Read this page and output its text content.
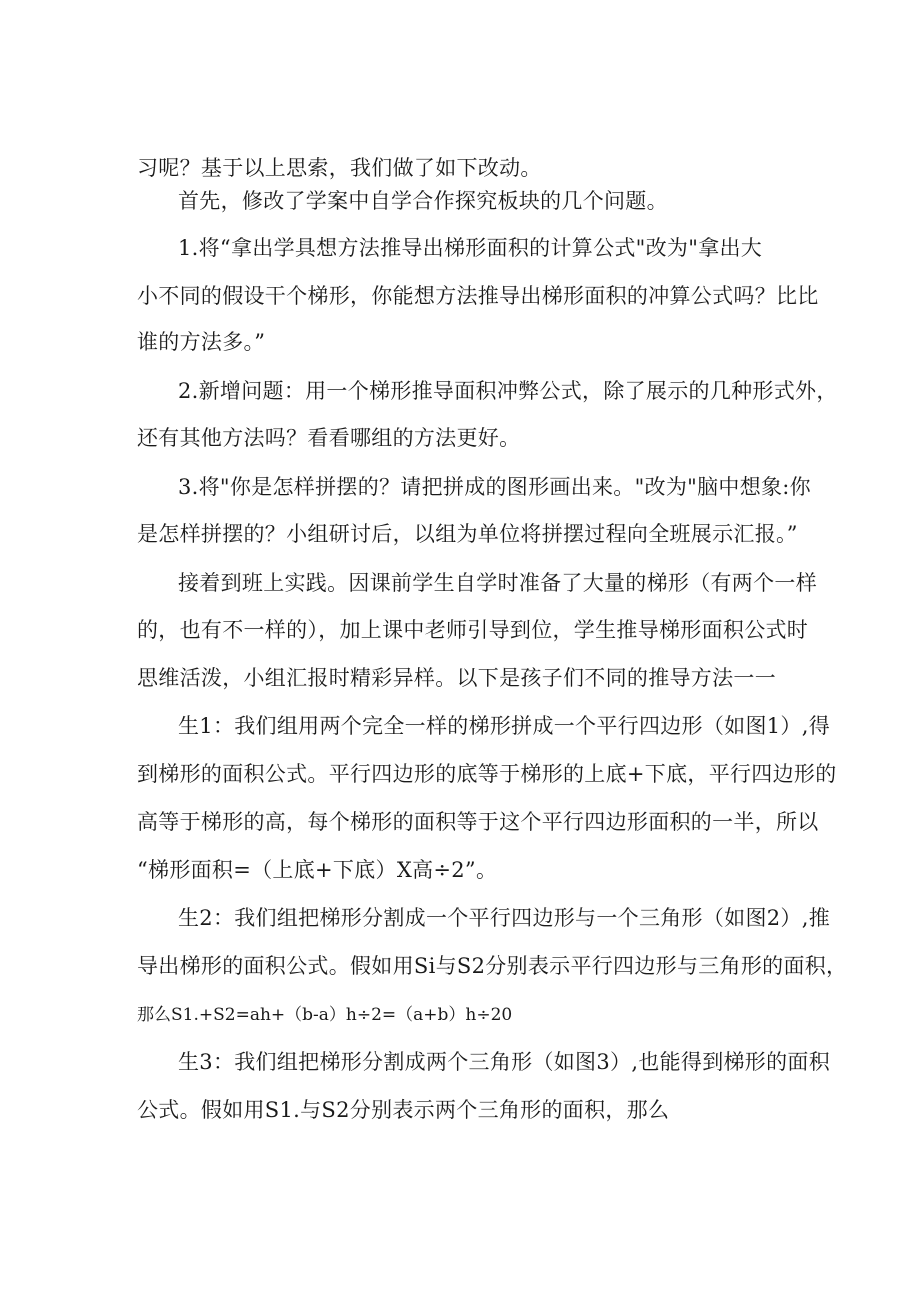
习呢？基于以上思索，我们做了如下改动。
首先，修改了学案中自学合作探究板块的几个问题。
1.将“拿出学具想方法推导出梯形面积的计算公式"改为"拿出大
小不同的假设干个梯形，你能想方法推导出梯形面积的冲算公式吗？比比
谁的方法多。”
2.新增问题：用一个梯形推导面积冲弊公式，除了展示的几种形式外，
还有其他方法吗？看看哪组的方法更好。
3.将"你是怎样拼摆的？请把拼成的图形画出来。"改为"脑中想象:你
是怎样拼摆的？小组研讨后，以组为单位将拼摆过程向全班展示汇报。”
接着到班上实践。因课前学生自学时准备了大量的梯形（有两个一样
的，也有不一样的），加上课中老师引导到位，学生推导梯形面积公式时
思维活泼，小组汇报时精彩异样。以下是孩子们不同的推导方法一一
生1：我们组用两个完全一样的梯形拼成一个平行四边形（如图1）,得
到梯形的面积公式。平行四边形的底等于梯形的上底+下底，平行四边形的
高等于梯形的高，每个梯形的面积等于这个平行四边形面积的一半，所以
“梯形面积=（上底+下底）X高÷2”。
生2：我们组把梯形分割成一个平行四边形与一个三角形（如图2）,推
导出梯形的面积公式。假如用Si与S2分别表示平行四边形与三角形的面积，
那么S1.+S2=ah+（b-a）h÷2=（a+b）h÷20
生3：我们组把梯形分割成两个三角形（如图3）,也能得到梯形的面积
公式。假如用S1.与S2分别表示两个三角形的面积，那么
